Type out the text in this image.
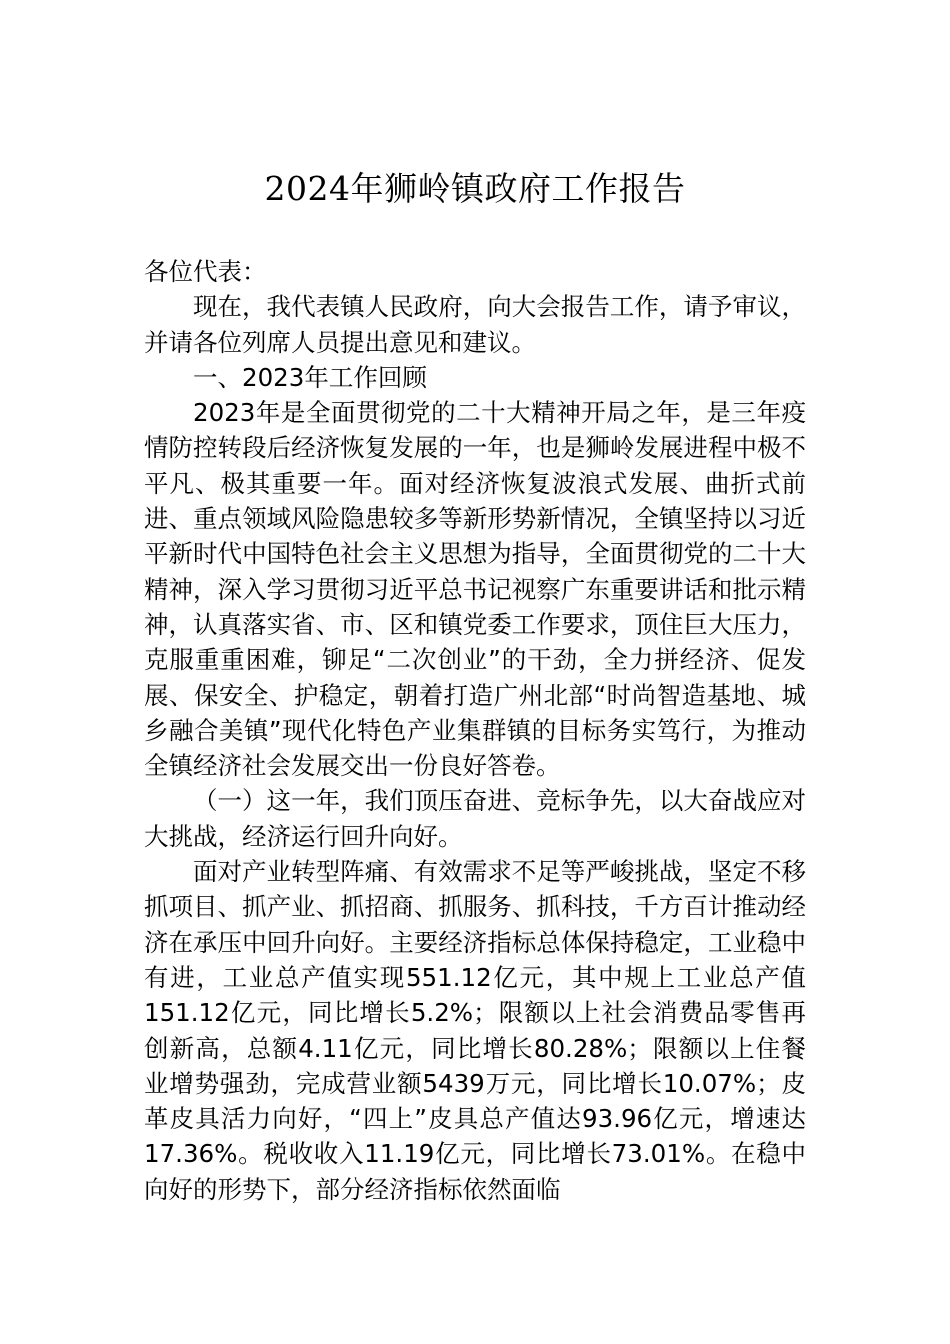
2024年狮岭镇政府工作报告

各位代表：

现在，我代表镇人民政府，向大会报告工作，请予审议，并请各位列席人员提出意见和建议。

一、2023年工作回顾

2023年是全面贯彻党的二十大精神开局之年，是三年疫情防控转段后经济恢复发展的一年，也是狮岭发展进程中极不平凡、极其重要一年。面对经济恢复波浪式发展、曲折式前进、重点领域风险隐患较多等新形势新情况，全镇坚持以习近平新时代中国特色社会主义思想为指导，全面贯彻党的二十大精神，深入学习贯彻习近平总书记视察广东重要讲话和批示精神，认真落实省、市、区和镇党委工作要求，顶住巨大压力，克服重重困难，铆足“二次创业”的干劲，全力拼经济、促发展、保安全、护稳定，朝着打造广州北部“时尚智造基地、城乡融合美镇”现代化特色产业集群镇的目标务实笃行，为推动全镇经济社会发展交出一份良好答卷。

（一）这一年，我们顶压奋进、竞标争先，以大奋战应对大挑战，经济运行回升向好。

面对产业转型阵痛、有效需求不足等严峻挑战，坚定不移抓项目、抓产业、抓招商、抓服务、抓科技，千方百计推动经济在承压中回升向好。主要经济指标总体保持稳定，工业稳中有进，工业总产值实现551.12亿元，其中规上工业总产值151.12亿元，同比增长5.2%；限额以上社会消费品零售再创新高，总额4.11亿元，同比增长80.28%；限额以上住餐业增势强劲，完成营业额5439万元，同比增长10.07%；皮革皮具活力向好，“四上”皮具总产值达93.96亿元，增速达17.36%。税收收入11.19亿元，同比增长73.01%。在稳中向好的形势下，部分经济指标依然面临
